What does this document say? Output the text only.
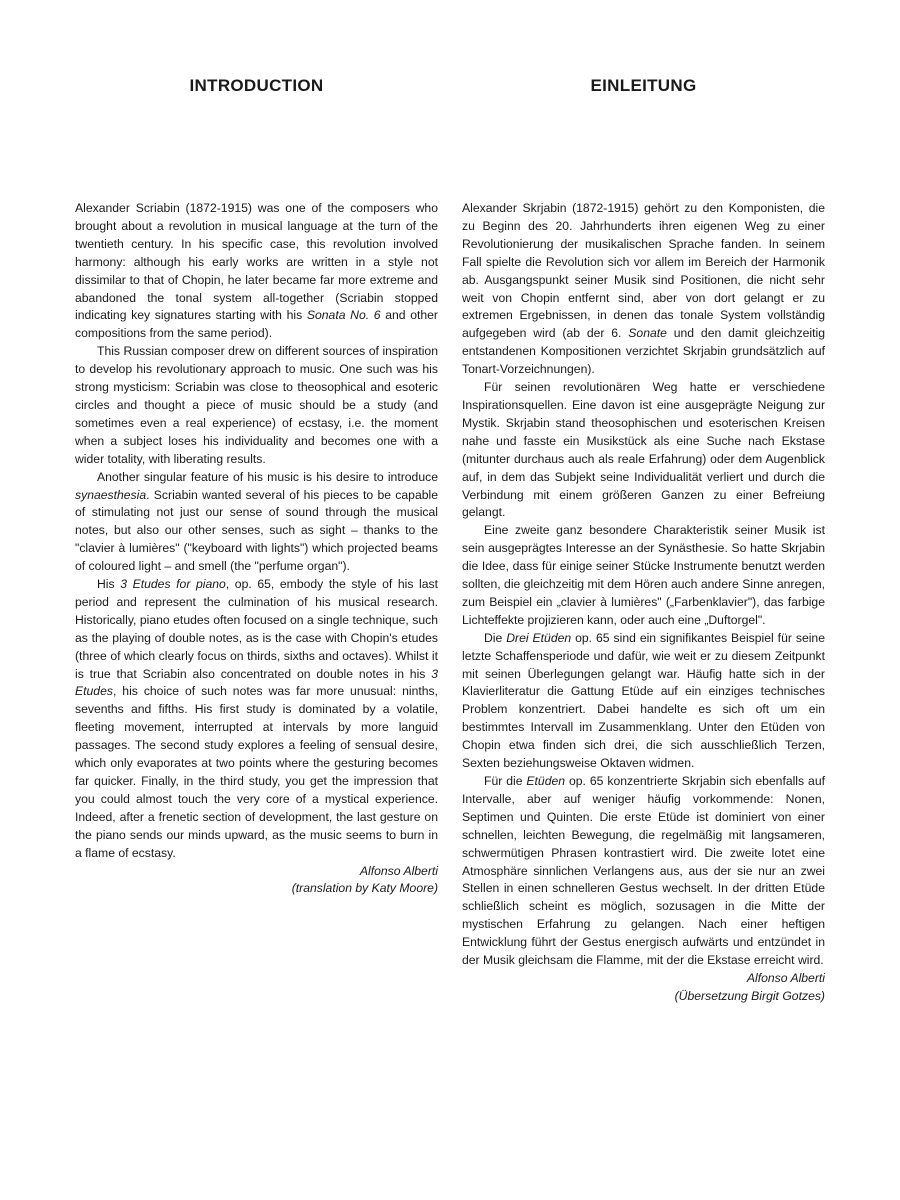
INTRODUCTION

Alexander Scriabin (1872-1915) was one of the composers who brought about a revolution in musical language at the turn of the twentieth century. In his specific case, this revolution involved harmony: although his early works are written in a style not dissimilar to that of Chopin, he later became far more extreme and abandoned the tonal system all-together (Scriabin stopped indicating key signatures starting with his Sonata No. 6 and other compositions from the same period).

This Russian composer drew on different sources of inspiration to develop his revolutionary approach to music. One such was his strong mysticism: Scriabin was close to theosophical and esoteric circles and thought a piece of music should be a study (and sometimes even a real experience) of ecstasy, i.e. the moment when a subject loses his individuality and becomes one with a wider totality, with liberating results.

Another singular feature of his music is his desire to introduce synaesthesia. Scriabin wanted several of his pieces to be capable of stimulating not just our sense of sound through the musical notes, but also our other senses, such as sight – thanks to the "clavier à lumières" ("keyboard with lights") which projected beams of coloured light – and smell (the "perfume organ").

His 3 Etudes for piano, op. 65, embody the style of his last period and represent the culmination of his musical research. Historically, piano etudes often focused on a single technique, such as the playing of double notes, as is the case with Chopin's etudes (three of which clearly focus on thirds, sixths and octaves). Whilst it is true that Scriabin also concentrated on double notes in his 3 Etudes, his choice of such notes was far more unusual: ninths, sevenths and fifths. His first study is dominated by a volatile, fleeting movement, interrupted at intervals by more languid passages. The second study explores a feeling of sensual desire, which only evaporates at two points where the gesturing becomes far quicker. Finally, in the third study, you get the impression that you could almost touch the very core of a mystical experience. Indeed, after a frenetic section of development, the last gesture on the piano sends our minds upward, as the music seems to burn in a flame of ecstasy.

Alfonso Alberti

(translation by Katy Moore)

EINLEITUNG

Alexander Skrjabin (1872-1915) gehört zu den Komponisten, die zu Beginn des 20. Jahrhunderts ihren eigenen Weg zu einer Revolutionierung der musikalischen Sprache fanden. In seinem Fall spielte die Revolution sich vor allem im Bereich der Harmonik ab. Ausgangspunkt seiner Musik sind Positionen, die nicht sehr weit von Chopin entfernt sind, aber von dort gelangt er zu extremen Ergebnissen, in denen das tonale System vollständig aufgegeben wird (ab der 6. Sonate und den damit gleichzeitig entstandenen Kompositionen verzichtet Skrjabin grundsätzlich auf Tonart-Vorzeichnungen).

Für seinen revolutionären Weg hatte er verschiedene Inspirationsquellen. Eine davon ist eine ausgeprägte Neigung zur Mystik. Skrjabin stand theosophischen und esoterischen Kreisen nahe und fasste ein Musikstück als eine Suche nach Ekstase (mitunter durchaus auch als reale Erfahrung) oder dem Augenblick auf, in dem das Subjekt seine Individualität verliert und durch die Verbindung mit einem größeren Ganzen zu einer Befreiung gelangt.

Eine zweite ganz besondere Charakteristik seiner Musik ist sein ausgeprägtes Interesse an der Synästhesie. So hatte Skrjabin die Idee, dass für einige seiner Stücke Instrumente benutzt werden sollten, die gleichzeitig mit dem Hören auch andere Sinne anregen, zum Beispiel ein „clavier à lumières" („Farbenklavier"), das farbige Lichteffekte projizieren kann, oder auch eine „Duftorgel".

Die Drei Etüden op. 65 sind ein signifikantes Beispiel für seine letzte Schaffensperiode und dafür, wie weit er zu diesem Zeitpunkt mit seinen Überlegungen gelangt war. Häufig hatte sich in der Klavierliteratur die Gattung Etüde auf ein einziges technisches Problem konzentriert. Dabei handelte es sich oft um ein bestimmtes Intervall im Zusammenklang. Unter den Etüden von Chopin etwa finden sich drei, die sich ausschließlich Terzen, Sexten beziehungsweise Oktaven widmen.

Für die Etüden op. 65 konzentrierte Skrjabin sich ebenfalls auf Intervalle, aber auf weniger häufig vorkommende: Nonen, Septimen und Quinten. Die erste Etüde ist dominiert von einer schnellen, leichten Bewegung, die regelmäßig mit langsameren, schwermütigen Phrasen kontrastiert wird. Die zweite lotet eine Atmosphäre sinnlichen Verlangens aus, aus der sie nur an zwei Stellen in einen schnelleren Gestus wechselt. In der dritten Etüde schließlich scheint es möglich, sozusagen in die Mitte der mystischen Erfahrung zu gelangen. Nach einer heftigen Entwicklung führt der Gestus energisch aufwärts und entzündet in der Musik gleichsam die Flamme, mit der die Ekstase erreicht wird.

Alfonso Alberti

(Übersetzung Birgit Gotzes)
